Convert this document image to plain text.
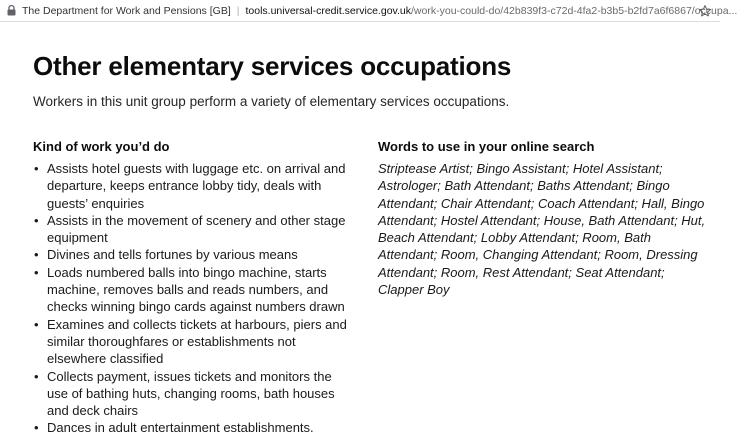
The Department for Work and Pensions [GB] | tools.universal-credit.service.gov.uk/work-you-could-do/42b839f3-c72d-4fa2-b3b5-b2fd7a6f6867/occupa...
Other elementary services occupations

Workers in this unit group perform a variety of elementary services occupations.

Kind of work you’d do
• Assists hotel guests with luggage etc. on arrival and departure, keeps entrance lobby tidy, deals with guests’ enquiries
• Assists in the movement of scenery and other stage equipment
• Divines and tells fortunes by various means
• Loads numbered balls into bingo machine, starts machine, removes balls and reads numbers, and checks winning bingo cards against numbers drawn
• Examines and collects tickets at harbours, piers and similar thoroughfares or establishments not elsewhere classified
• Collects payment, issues tickets and monitors the use of bathing huts, changing rooms, bath houses and deck chairs
• Dances in adult entertainment establishments.
Words to use in your online search

Striptease Artist; Bingo Assistant; Hotel Assistant; Astrologer; Bath Attendant; Baths Attendant; Bingo Attendant; Chair Attendant; Coach Attendant; Hall, Bingo Attendant; Hostel Attendant; House, Bath Attendant; Hut, Beach Attendant; Lobby Attendant; Room, Bath Attendant; Room, Changing Attendant; Room, Dressing Attendant; Room, Rest Attendant; Seat Attendant; Clapper Boy
